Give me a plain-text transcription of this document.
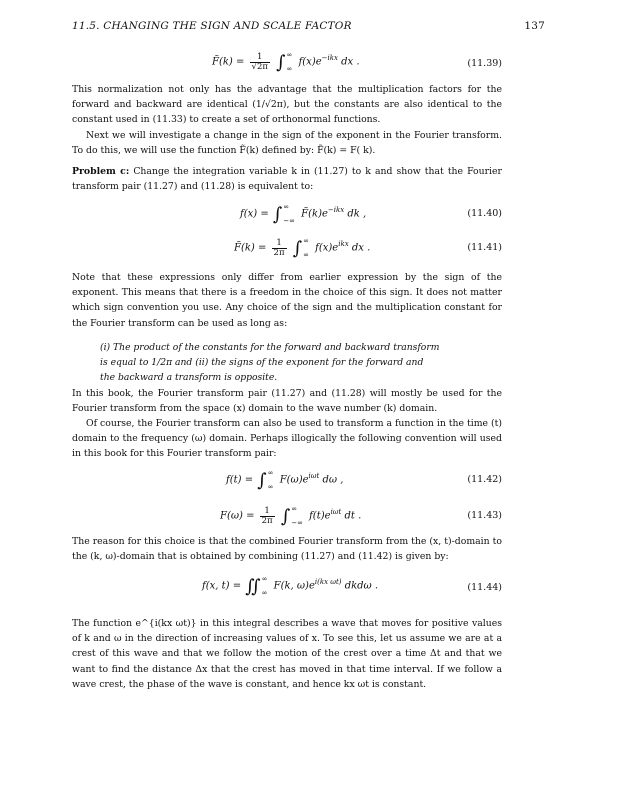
11.5. CHANGING THE SIGN AND SCALE FACTOR	137
F̃(k) = $\frac{1}{√2\pi}$ ∫∞
∞ $f(x)e^{-ikx}$ dx .	(11.39)
This normalization not only has the advantage that the multiplication factors for the forward and backward are identical (1/√2π), but the constants are also identical to the constant used in (11.33) to create a set of orthonormal functions.
Next we will investigate a change in the sign of the exponent in the Fourier transform. To do this, we will use the function F̃(k) defined by: F̃(k) = F( k).
Problem c: Change the integration variable k in (11.27) to k and show that the Fourier transform pair (11.27) and (11.28) is equivalent to:
f(x) = ∫∞
−∞ $F̃(k)e^{-ikx}$ dk ,	(11.40)
F̃(k) = $\frac{1}{2\pi}$ ∫∞
∞ $f(x)e^{ikx}$ dx .	(11.41)
Note that these expressions only differ from earlier expression by the sign of the exponent. This means that there is a freedom in the choice of this sign. It does not matter which sign convention you use. Any choice of the sign and the multiplication constant for the Fourier transform can be used as long as:
(i) The product of the constants for the forward and backward transform is equal to 1/2π and (ii) the signs of the exponent for the forward and the backward a transform is opposite.
In this book, the Fourier transform pair (11.27) and (11.28) will mostly be used for the Fourier transform from the space (x) domain to the wave number (k) domain.
Of course, the Fourier transform can also be used to transform a function in the time (t) domain to the frequency (ω) domain. Perhaps illogically the following convention will used in this book for this Fourier transform pair:
f(t) = ∫∞
∞ $F(\omega)e^{i\omega t}$ dω ,	(11.42)
$F(\omega) = \frac{1}{2\pi}$ ∫∞
−∞ $f(t)e^{i\omega t}$ dt .	(11.43)
The reason for this choice is that the combined Fourier transform from the (x, t)-domain to the (k, ω)-domain that is obtained by combining (11.27) and (11.42) is given by:
f(x, t) = ∬∞
∞ F(k, $\omega)e^{i(kx \omega t)}$ dkdω .	(11.44)
The function e^{i(kx ωt)} in this integral describes a wave that moves for positive values of k and ω in the direction of increasing values of x. To see this, let us assume we are at a crest of this wave and that we follow the motion of the crest over a time Δt and that we want to find the distance Δx that the crest has moved in that time interval. If we follow a wave crest, the phase of the wave is constant, and hence kx ωt is constant.
